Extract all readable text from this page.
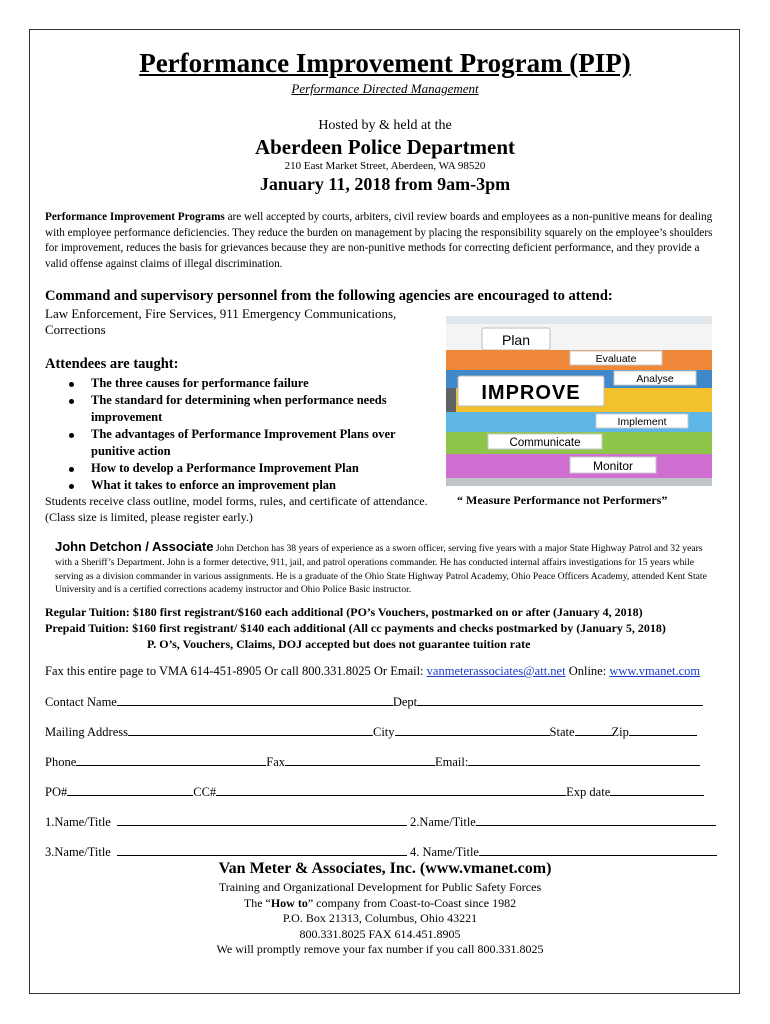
Performance Improvement Program (PIP)
Performance Directed Management
Hosted by & held at the
Aberdeen Police Department
210 East Market Street, Aberdeen, WA 98520
January 11, 2018 from 9am-3pm
Performance Improvement Programs are well accepted by courts, arbiters, civil review boards and employees as a non-punitive means for dealing with employee performance deficiencies. They reduce the burden on management by placing the responsibility squarely on the employee’s shoulders for improvement, reduces the basis for grievances because they are non-punitive methods for correcting deficient performance, and they provide a valid offense against claims of illegal discrimination.
Command and supervisory personnel from the following agencies are encouraged to attend:
Law Enforcement, Fire Services, 911 Emergency Communications, Corrections
Attendees are taught:
The three causes for performance failure
The standard for determining when performance needs improvement
The advantages of Performance Improvement Plans over punitive action
How to develop a Performance Improvement Plan
What it takes to enforce an improvement plan
Students receive class outline, model forms, rules, and certificate of attendance.
(Class size is limited, please register early.)
“ Measure Performance not Performers”
Plan
Evaluate
Analyse
IMPROVE
Implement
Communicate
Monitor
John Detchon / Associate John Detchon has 38 years of experience as a sworn officer, serving five years with a major State Highway Patrol and 32 years with a Sheriff’s Department. John is a former detective, 911, jail, and patrol operations commander. He has conducted internal affairs investigations for 15 years while serving as a division commander in various assignments. He is a graduate of the Ohio State Highway Patrol Academy, Ohio Peace Officers Academy, attended Kent State University and is a certified corrections academy instructor and Ohio Police Basic instructor.
Regular Tuition: $180 first registrant/$160 each additional (PO’s Vouchers, postmarked on or after (January 4, 2018)
Prepaid Tuition: $160 first registrant/ $140 each additional (All cc payments and checks postmarked by (January 5, 2018)
P. O’s, Vouchers, Claims, DOJ accepted but does not guarantee tuition rate
Fax this entire page to VMA 614-451-8905 Or call 800.331.8025 Or Email: vanmeterassociates@att.net Online: www.vmanet.com
Contact Name	Dept
Mailing Address	City	State	Zip
Phone	Fax	Email:
PO#	CC#	Exp date
1.Name/Title	2.Name/Title
3.Name/Title	4. Name/Title
Van Meter & Associates, Inc. (www.vmanet.com)
Training and Organizational Development for Public Safety Forces
The “How to” company from Coast-to-Coast since 1982
P.O. Box 21313, Columbus, Ohio 43221
800.331.8025 FAX 614.451.8905
We will promptly remove your fax number if you call 800.331.8025
